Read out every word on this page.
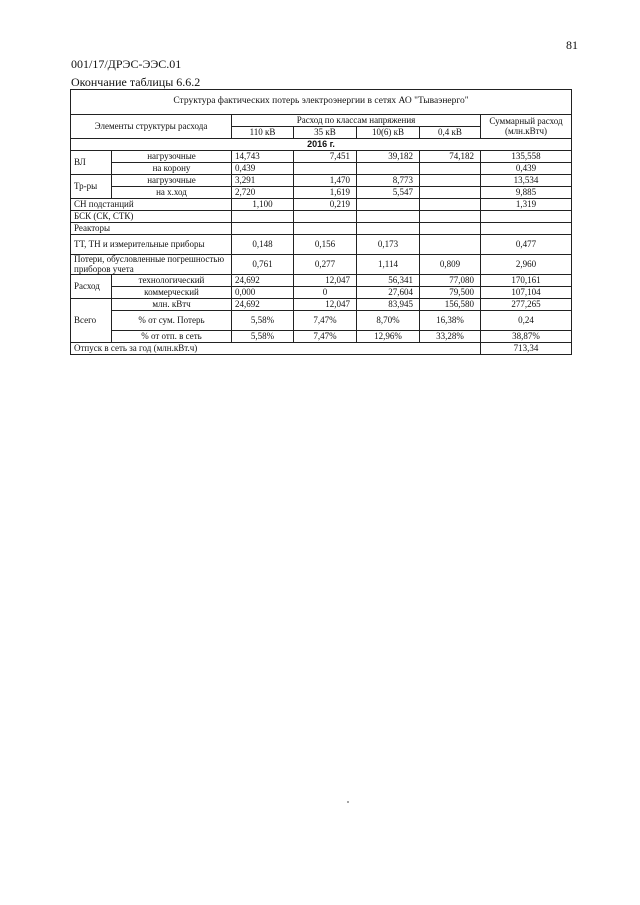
81
001/17/ДРЭС-ЭЭС.01
Окончание таблицы 6.6.2
Структура фактических потерь электроэнергии в сетях АО "Тываэнерго"						
Элементы структуры расхода		Расход по классам напряжения				Суммарный расход (млн.кВтч)
		110 кВ	35 кВ	10(6) кВ	0,4 кВ	
2016 г.						
ВЛ	нагрузочные	14,743	7,451	39,182	74,182	135,558
	на корону	0,439				0,439
Тр-ры	нагрузочные	3,291	1,470	8,773		13,534
	на х.ход	2,720	1,619	5,547		9,885
СН подстанций		1,100	0,219			1,319
БСК (СК, СТК)						
Реакторы						
ТТ, ТН и измерительные приборы		0,148	0,156	0,173		0,477
Потери, обусловленные погрешностью приборов учета		0,761	0,277	1,114	0,809	2,960
Расход	технологический	24,692	12,047	56,341	77,080	170,161
	коммерческий	0,000	0	27,604	79,500	107,104
Всего	млн. кВтч	24,692	12,047	83,945	156,580	277,265
	% от сум. Потерь	5,58%	7,47%	8,70%	16,38%	0,24
	% от отп. в сеть	5,58%	7,47%	12,96%	33,28%	38,87%
Отпуск в сеть за год (млн.кВт.ч)						713,34
